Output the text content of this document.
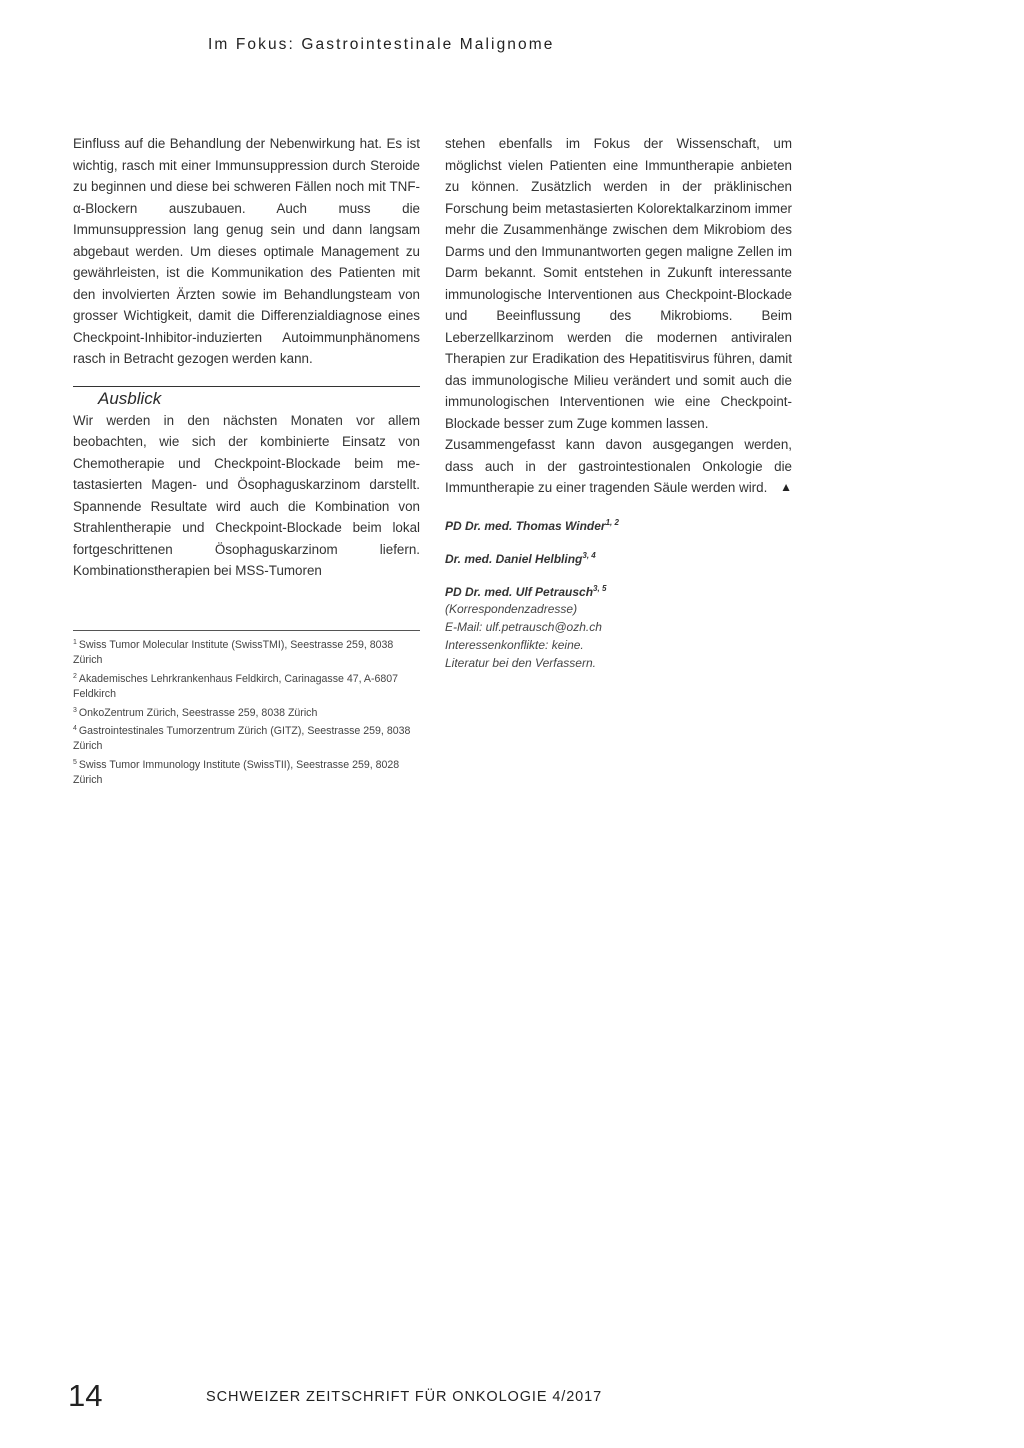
Im Fokus: Gastrointestinale Malignome

Einfluss auf die Behandlung der Nebenwirkung hat. Es ist wichtig, rasch mit einer Immunsuppression durch Steroide zu beginnen und diese bei schweren Fällen noch mit TNF-α-Blockern auszubauen. Auch muss die Immunsuppression lang genug sein und dann langsam abgebaut werden. Um dieses optimale Management zu gewährleisten, ist die Kommunikation des Patienten mit den involvierten Ärzten sowie im Behandlungsteam von grosser Wichtigkeit, damit die Differenzialdiagnose eines Checkpoint-Inhibitor-induzierten Autoimmunphänomens rasch in Betracht gezogen werden kann.

Ausblick

Wir werden in den nächsten Monaten vor allem beobachten, wie sich der kombinierte Einsatz von Chemotherapie und Checkpoint-Blockade beim metastasierten Magen- und Ösophaguskarzinom darstellt. Spannende Resultate wird auch die Kombination von Strahlentherapie und Checkpoint-Blockade beim lokal fortgeschrittenen Ösophaguskarzinom liefern. Kombinationstherapien bei MSS-Tumoren

stehen ebenfalls im Fokus der Wissenschaft, um möglichst vielen Patienten eine Immuntherapie anbieten zu können. Zusätzlich werden in der präklinischen Forschung beim metastasierten Kolorektalkarzinom immer mehr die Zusammenhänge zwischen dem Mikrobiom des Darms und den Immunantworten gegen maligne Zellen im Darm bekannt. Somit entstehen in Zukunft interessante immunologische Interventionen aus Checkpoint-Blockade und Beeinflussung des Mikrobioms. Beim Leberzellkarzinom werden die modernen antiviralen Therapien zur Eradikation des Hepatitisvirus führen, damit das immunologische Milieu verändert und somit auch die immunologischen Interventionen wie eine Checkpoint-Blockade besser zum Zuge kommen lassen.

Zusammengefasst kann davon ausgegangen werden, dass auch in der gastrointestionalen Onkologie die Immuntherapie zu einer tragenden Säule werden wird. ▲

PD Dr. med. Thomas Winder$^{1, 2}$

Dr. med. Daniel Helbling$^{3, 4}$

PD Dr. med. Ulf Petrausch$^{3, 5}$

(Korrespondenzadresse)

E-Mail: ulf.petrausch@ozh.ch

Interessenkonflikte: keine.

Literatur bei den Verfassern.

$^1$ Swiss Tumor Molecular Institute (SwissTMI), Seestrasse 259, 8038 Zürich

$^2$ Akademisches Lehrkrankenhaus Feldkirch, Carinagasse 47, A-6807 Feldkirch

$^3$ OnkoZentrum Zürich, Seestrasse 259, 8038 Zürich

$^4$ Gastrointestinales Tumorzentrum Zürich (GITZ), Seestrasse 259, 8038 Zürich

$^5$ Swiss Tumor Immunology Institute (SwissTII), Seestrasse 259, 8028 Zürich

14	SCHWEIZER ZEITSCHRIFT FÜR ONKOLOGIE 4/2017
